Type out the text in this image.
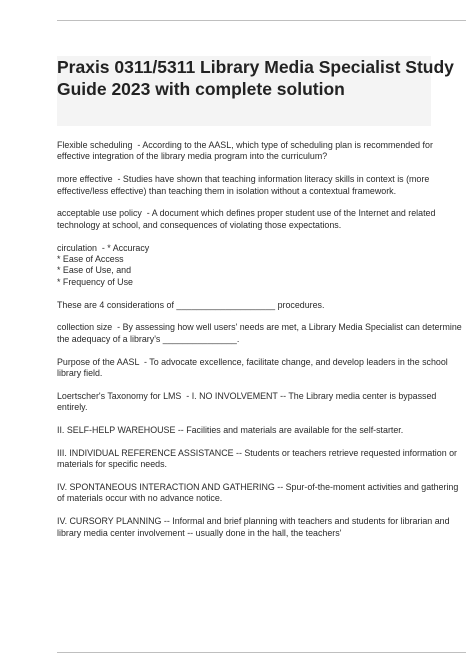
Praxis 0311/5311 Library Media Specialist Study Guide 2023 with complete solution

Flexible scheduling  - According to the AASL, which type of scheduling plan is recommended for effective integration of the library media program into the curriculum?

more effective  - Studies have shown that teaching information literacy skills in context is (more effective/less effective) than teaching them in isolation without a contextual framework.

acceptable use policy  - A document which defines proper student use of the Internet and related technology at school, and consequences of violating those expectations.

circulation  - * Accuracy
* Ease of Access
* Ease of Use, and
* Frequency of Use

These are 4 considerations of ____________________ procedures.

collection size  - By assessing how well users' needs are met, a Library Media Specialist can determine the adequacy of a library's _______________.

Purpose of the AASL  - To advocate excellence, facilitate change, and develop leaders in the school library field.

Loertscher's Taxonomy for LMS  - I. NO INVOLVEMENT -- The Library media center is bypassed entirely.

II. SELF-HELP WAREHOUSE -- Facilities and materials are available for the self-starter.

III. INDIVIDUAL REFERENCE ASSISTANCE -- Students or teachers retrieve requested information or materials for specific needs.

IV. SPONTANEOUS INTERACTION AND GATHERING -- Spur-of-the-moment activities and gathering of materials occur with no advance notice.

IV. CURSORY PLANNING -- Informal and brief planning with teachers and students for librarian and library media center involvement -- usually done in the hall, the teachers'
